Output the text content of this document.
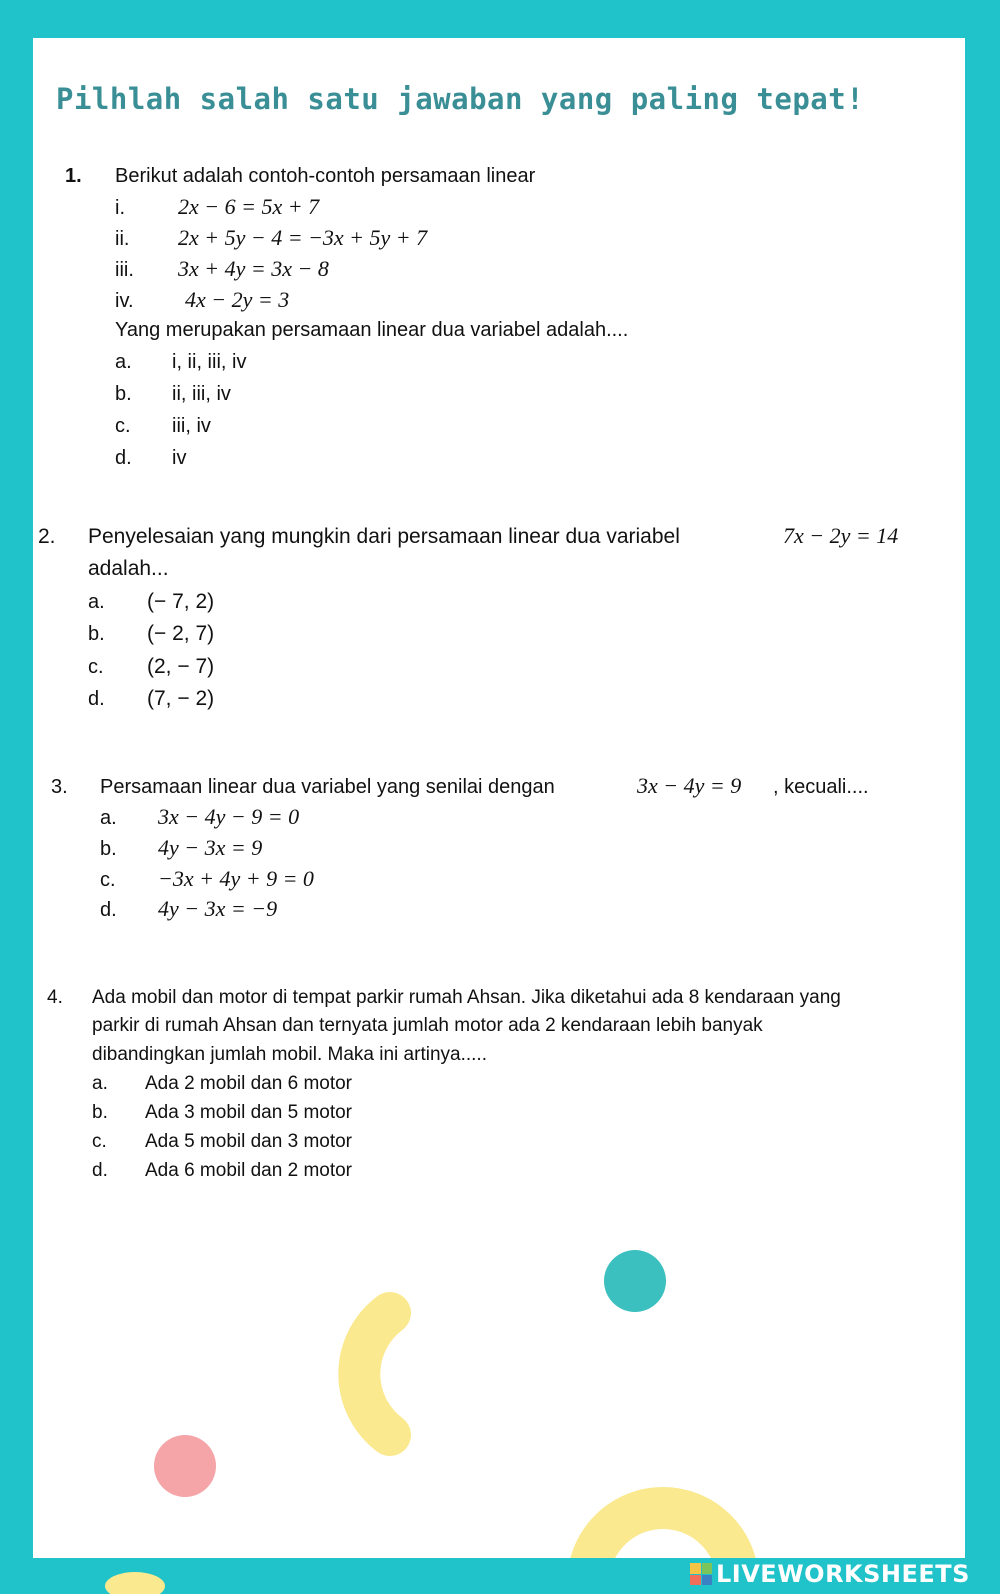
Pilhlah salah satu jawaban yang paling tepat!
1. Berikut adalah contoh-contoh persamaan linear
i. 2x − 6 = 5x + 7
ii. 2x + 5y − 4 = −3x + 5y + 7
iii. 3x + 4y = 3x − 8
iv. 4x − 2y = 3
Yang merupakan persamaan linear dua variabel adalah....
a. i, ii, iii, iv
b. ii, iii, iv
c. iii, iv
d. iv
2. Penyelesaian yang mungkin dari persamaan linear dua variabel	7x − 2y = 14
adalah...
a. (− 7, 2)
b. (− 2, 7)
c. (2, − 7)
d. (7, − 2)
3. Persamaan linear dua variabel yang senilai dengan	3x − 4y = 9 , kecuali....
a. 3x − 4y − 9 = 0
b. 4y − 3x = 9
c. −3x + 4y + 9 = 0
d. 4y − 3x = −9
4. Ada mobil dan motor di tempat parkir rumah Ahsan. Jika diketahui ada 8 kendaraan yang
parkir di rumah Ahsan dan ternyata jumlah motor ada 2 kendaraan lebih banyak
dibandingkan jumlah mobil. Maka ini artinya.....
a. Ada 2 mobil dan 6 motor
b. Ada 3 mobil dan 5 motor
c. Ada 5 mobil dan 3 motor
d. Ada 6 mobil dan 2 motor
LIVEWORKSHEETS
